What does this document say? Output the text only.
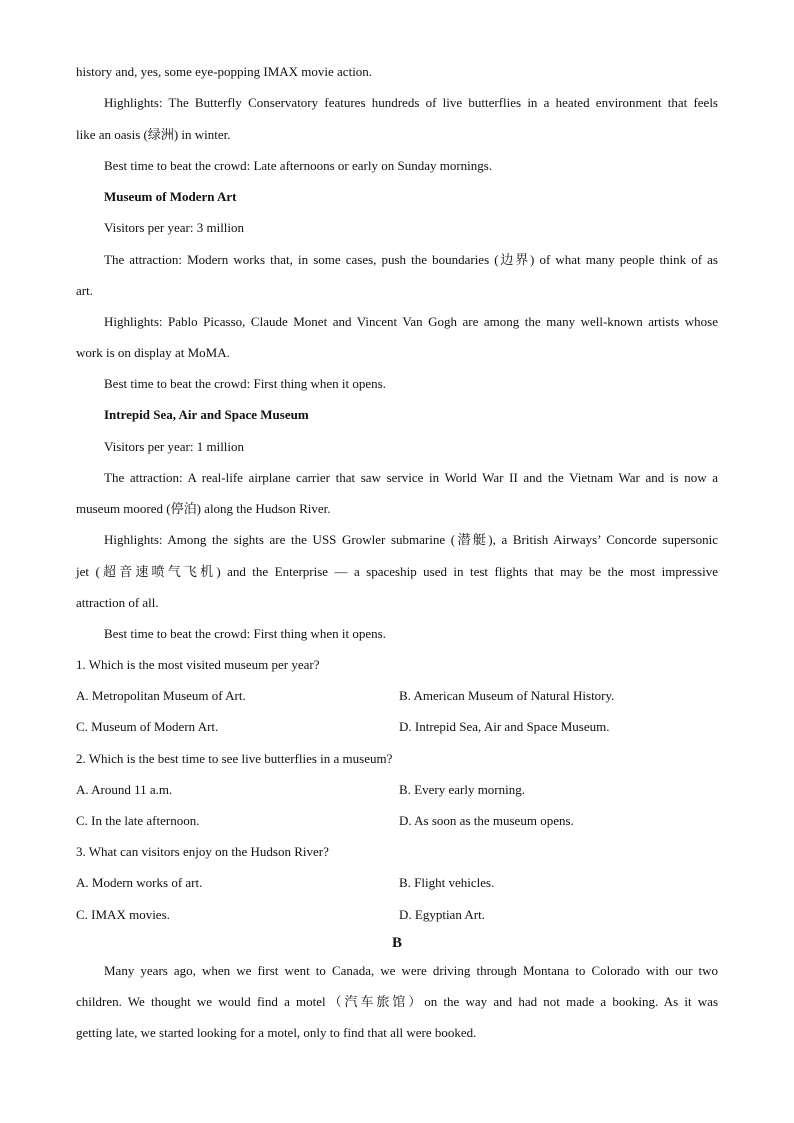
history and, yes, some eye-popping IMAX movie action.
Highlights: The Butterfly Conservatory features hundreds of live butterflies in a heated environment that feels
like an oasis (绿洲) in winter.
Best time to beat the crowd: Late afternoons or early on Sunday mornings.
Museum of Modern Art
Visitors per year: 3 million
The attraction: Modern works that, in some cases, push the boundaries (边界) of what many people think of as
art.
Highlights: Pablo Picasso, Claude Monet and Vincent Van Gogh are among the many well-known artists whose
work is on display at MoMA.
Best time to beat the crowd: First thing when it opens.
Intrepid Sea, Air and Space Museum
Visitors per year: 1 million
The attraction: A real-life airplane carrier that saw service in World War II and the Vietnam War and is now a
museum moored (停泊) along the Hudson River.
Highlights: Among the sights are the USS Growler submarine (潜艇), a British Airways’ Concorde supersonic
jet (超音速喷气飞机) and the Enterprise — a spaceship used in test flights that may be the most impressive
attraction of all.
Best time to beat the crowd: First thing when it opens.
1. Which is the most visited museum per year?
A. Metropolitan Museum of Art.	B. American Museum of Natural History.
C. Museum of Modern Art.	D. Intrepid Sea, Air and Space Museum.
2. Which is the best time to see live butterflies in a museum?
A. Around 11 a.m.	B. Every early morning.
C. In the late afternoon.	D. As soon as the museum opens.
3. What can visitors enjoy on the Hudson River?
A. Modern works of art.	B. Flight vehicles.
C. IMAX movies.	D. Egyptian Art.
B
Many years ago, when we first went to Canada, we were driving through Montana to Colorado with our two
children. We thought we would find a motel（汽车旅馆）on the way and had not made a booking. As it was
getting late, we started looking for a motel, only to find that all were booked.
